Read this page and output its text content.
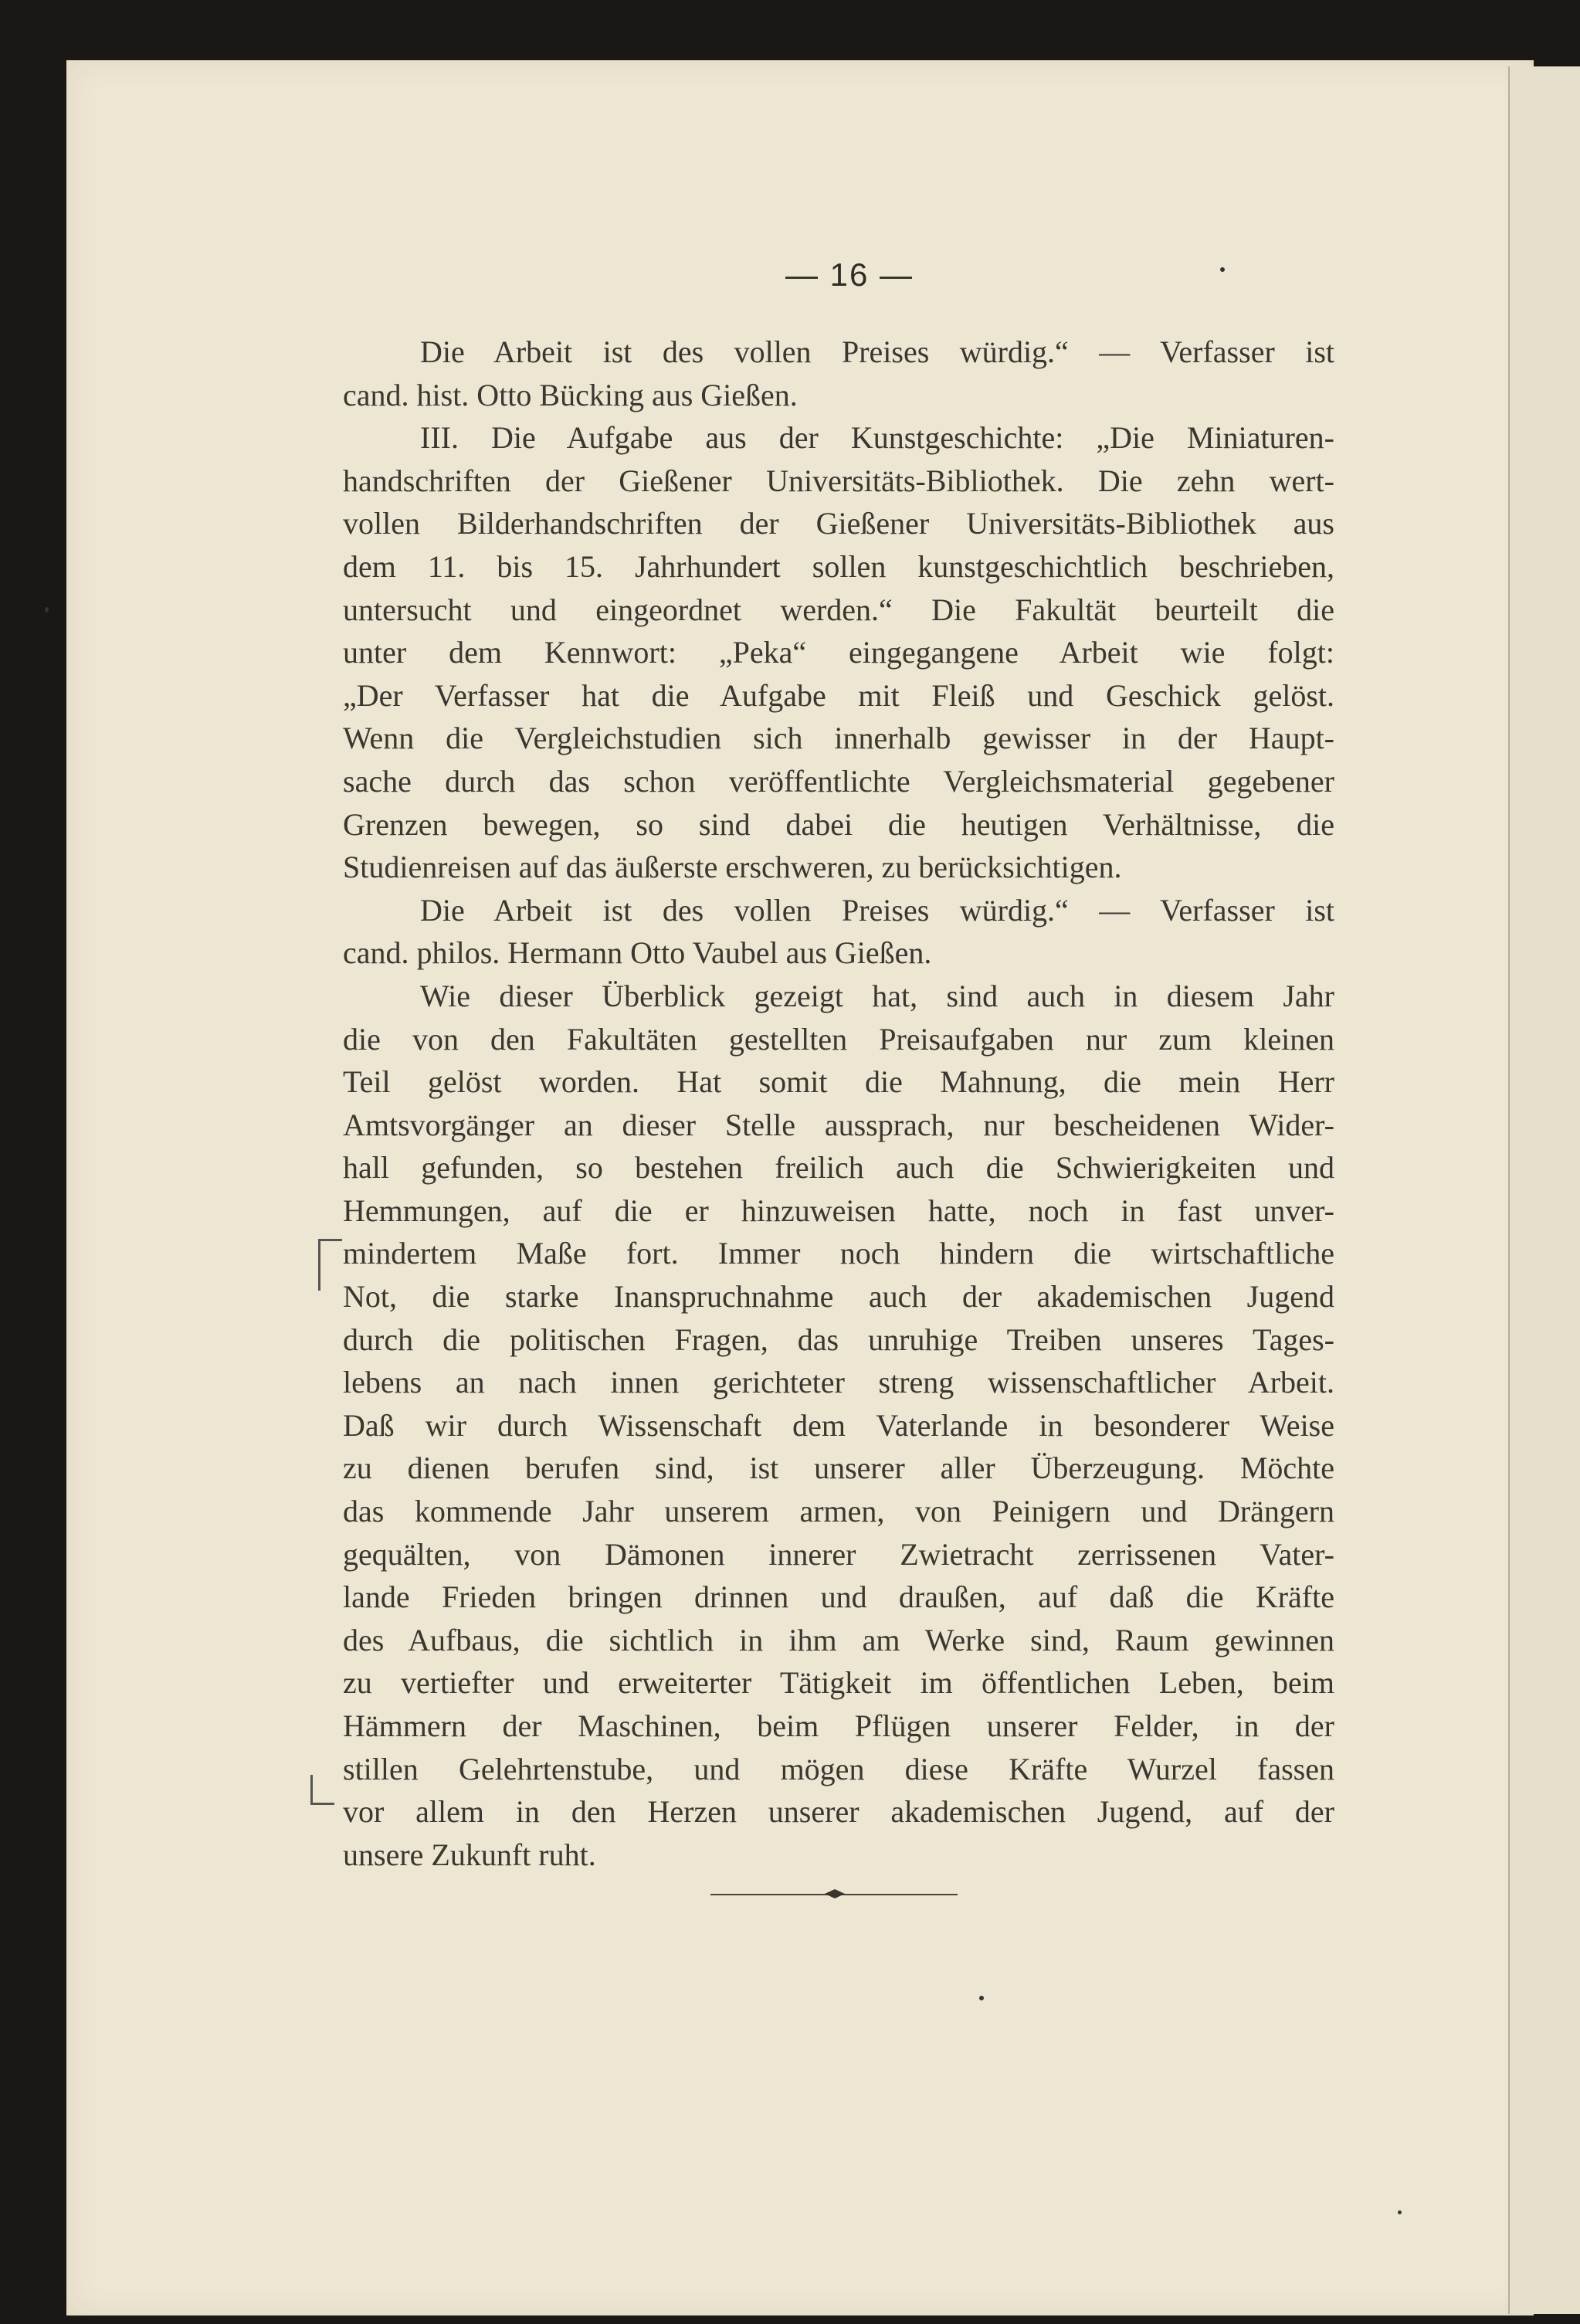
— 16 —
Die Arbeit ist des vollen Preises würdig.“ — Verfasser ist
cand. hist. Otto Bücking aus Gießen.
III. Die Aufgabe aus der Kunstgeschichte: „Die Miniaturen-
handschriften der Gießener Universitäts-Bibliothek. Die zehn wert-
vollen Bilderhandschriften der Gießener Universitäts-Bibliothek aus
dem 11. bis 15. Jahrhundert sollen kunstgeschichtlich beschrieben,
untersucht und eingeordnet werden.“ Die Fakultät beurteilt die
unter dem Kennwort: „Peka“ eingegangene Arbeit wie folgt:
„Der Verfasser hat die Aufgabe mit Fleiß und Geschick gelöst.
Wenn die Vergleichstudien sich innerhalb gewisser in der Haupt-
sache durch das schon veröffentlichte Vergleichsmaterial gegebener
Grenzen bewegen, so sind dabei die heutigen Verhältnisse, die
Studienreisen auf das äußerste erschweren, zu berücksichtigen.
Die Arbeit ist des vollen Preises würdig.“ — Verfasser ist
cand. philos. Hermann Otto Vaubel aus Gießen.
Wie dieser Überblick gezeigt hat, sind auch in diesem Jahr
die von den Fakultäten gestellten Preisaufgaben nur zum kleinen
Teil gelöst worden. Hat somit die Mahnung, die mein Herr
Amtsvorgänger an dieser Stelle aussprach, nur bescheidenen Wider-
hall gefunden, so bestehen freilich auch die Schwierigkeiten und
Hemmungen, auf die er hinzuweisen hatte, noch in fast unver-
mindertem Maße fort. Immer noch hindern die wirtschaftliche
Not, die starke Inanspruchnahme auch der akademischen Jugend
durch die politischen Fragen, das unruhige Treiben unseres Tages-
lebens an nach innen gerichteter streng wissenschaftlicher Arbeit.
Daß wir durch Wissenschaft dem Vaterlande in besonderer Weise
zu dienen berufen sind, ist unserer aller Überzeugung. Möchte
das kommende Jahr unserem armen, von Peinigern und Drängern
gequälten, von Dämonen innerer Zwietracht zerrissenen Vater-
lande Frieden bringen drinnen und draußen, auf daß die Kräfte
des Aufbaus, die sichtlich in ihm am Werke sind, Raum gewinnen
zu vertiefter und erweiterter Tätigkeit im öffentlichen Leben, beim
Hämmern der Maschinen, beim Pflügen unserer Felder, in der
stillen Gelehrtenstube, und mögen diese Kräfte Wurzel fassen
vor allem in den Herzen unserer akademischen Jugend, auf der
unsere Zukunft ruht.
